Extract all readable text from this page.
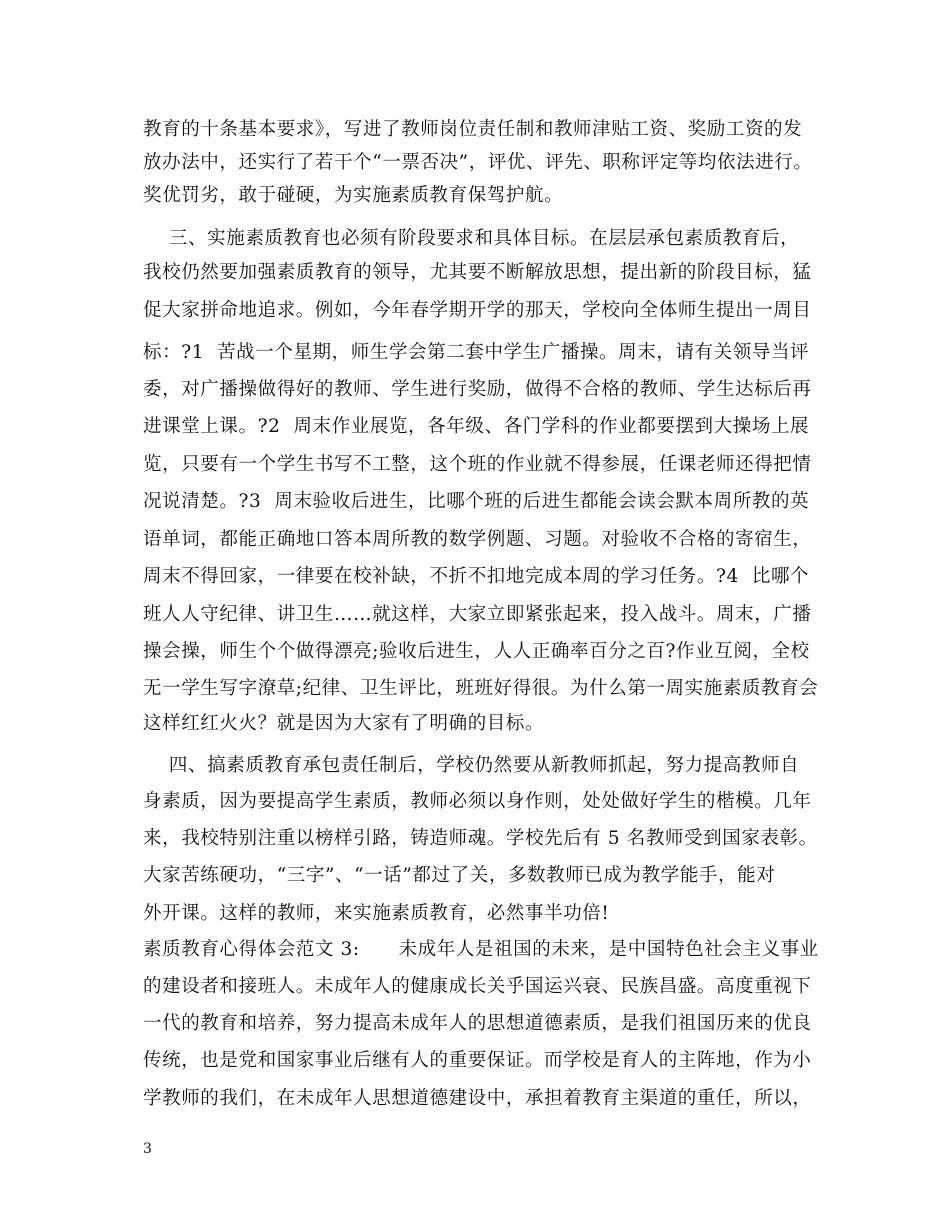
教育的十条基本要求》，写进了教师岗位责任制和教师津贴工资、奖励工资的发
放办法中，还实行了若干个“一票否决”，评优、评先、职称评定等均依法进行。
奖优罚劣，敢于碰硬，为实施素质教育保驾护航。
三、实施素质教育也必须有阶段要求和具体目标。在层层承包素质教育后，
我校仍然要加强素质教育的领导，尤其要不断解放思想，提出新的阶段目标，猛
促大家拼命地追求。例如，今年春学期开学的那天，学校向全体师生提出一周目
标：?1  苦战一个星期，师生学会第二套中学生广播操。周末，请有关领导当评
委，对广播操做得好的教师、学生进行奖励，做得不合格的教师、学生达标后再
进课堂上课。?2  周末作业展览，各年级、各门学科的作业都要摆到大操场上展
览，只要有一个学生书写不工整，这个班的作业就不得参展，任课老师还得把情
况说清楚。?3  周末验收后进生，比哪个班的后进生都能会读会默本周所教的英
语单词，都能正确地口答本周所教的数学例题、习题。对验收不合格的寄宿生，
周末不得回家，一律要在校补缺，不折不扣地完成本周的学习任务。?4  比哪个
班人人守纪律、讲卫生……就这样，大家立即紧张起来，投入战斗。周末，广播
操会操，师生个个做得漂亮;验收后进生，人人正确率百分之百?作业互阅，全校
无一学生写字潦草;纪律、卫生评比，班班好得很。为什么第一周实施素质教育会
这样红红火火？就是因为大家有了明确的目标。
四、搞素质教育承包责任制后，学校仍然要从新教师抓起，努力提高教师自
身素质，因为要提高学生素质，教师必须以身作则，处处做好学生的楷模。几年
来，我校特别注重以榜样引路，铸造师魂。学校先后有 5 名教师受到国家表彰。
大家苦练硬功，“三字”、“一话”都过了关，多数教师已成为教学能手，能对
外开课。这样的教师，来实施素质教育，必然事半功倍!
素质教育心得体会范文 3:      未成年人是祖国的未来，是中国特色社会主义事业
的建设者和接班人。未成年人的健康成长关乎国运兴衰、民族昌盛。高度重视下
一代的教育和培养，努力提高未成年人的思想道德素质，是我们祖国历来的优良
传统，也是党和国家事业后继有人的重要保证。而学校是育人的主阵地，作为小
学教师的我们，在未成年人思想道德建设中，承担着教育主渠道的重任，所以，
3
